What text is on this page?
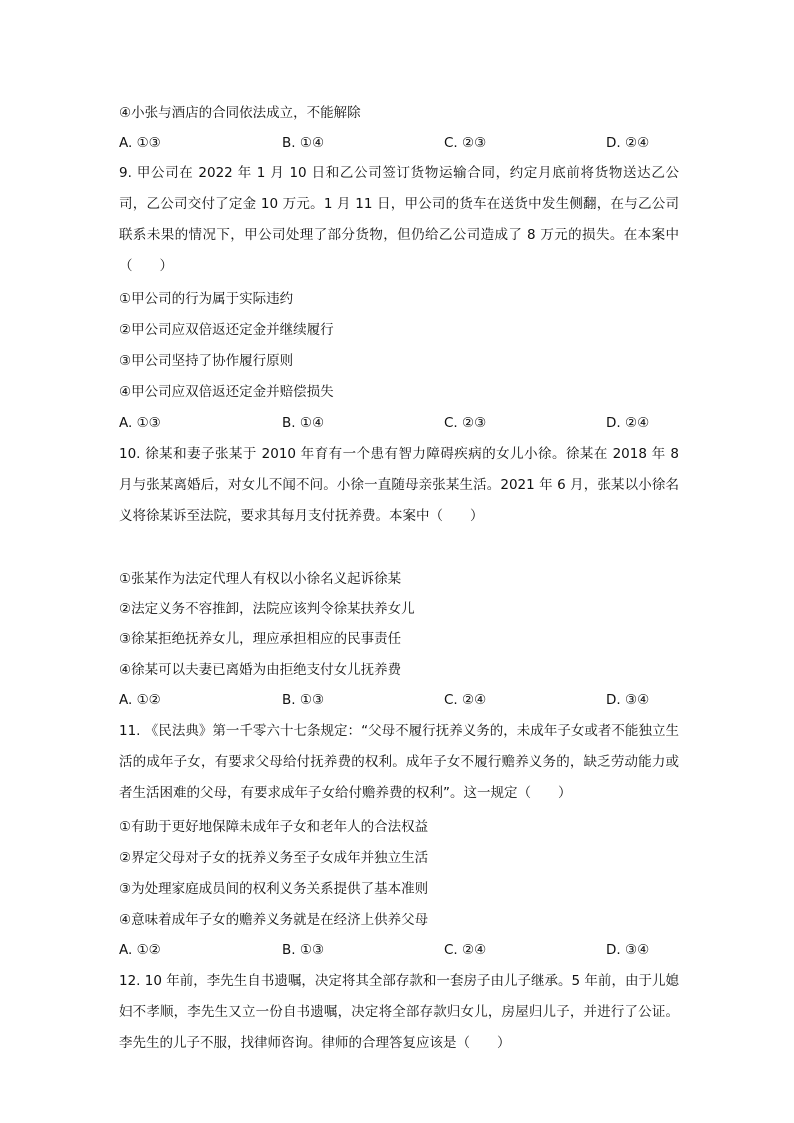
④小张与酒店的合同依法成立，不能解除
A. ①③	B. ①④	C. ②③	D. ②④
9. 甲公司在 2022 年 1 月 10 日和乙公司签订货物运输合同，约定月底前将货物送达乙公司，乙公司交付了定金 10 万元。1 月 11 日，甲公司的货车在送货中发生侧翻，在与乙公司联系未果的情况下，甲公司处理了部分货物，但仍给乙公司造成了 8 万元的损失。在本案中（　　）
①甲公司的行为属于实际违约
②甲公司应双倍返还定金并继续履行
③甲公司坚持了协作履行原则
④甲公司应双倍返还定金并赔偿损失
A. ①③	B. ①④	C. ②③	D. ②④
10. 徐某和妻子张某于 2010 年育有一个患有智力障碍疾病的女儿小徐。徐某在 2018 年 8 月与张某离婚后，对女儿不闻不问。小徐一直随母亲张某生活。2021 年 6 月，张某以小徐名义将徐某诉至法院，要求其每月支付抚养费。本案中（　　）
①张某作为法定代理人有权以小徐名义起诉徐某
②法定义务不容推卸，法院应该判令徐某扶养女儿
③徐某拒绝抚养女儿，理应承担相应的民事责任
④徐某可以夫妻已离婚为由拒绝支付女儿抚养费
A. ①②	B. ①③	C. ②④	D. ③④
11. 《民法典》第一千零六十七条规定：“父母不履行抚养义务的，未成年子女或者不能独立生活的成年子女，有要求父母给付抚养费的权利。成年子女不履行赡养义务的，缺乏劳动能力或者生活困难的父母，有要求成年子女给付赡养费的权利”。这一规定（　　）
①有助于更好地保障未成年子女和老年人的合法权益
②界定父母对子女的抚养义务至子女成年并独立生活
③为处理家庭成员间的权利义务关系提供了基本准则
④意味着成年子女的赡养义务就是在经济上供养父母
A. ①②	B. ①③	C. ②④	D. ③④
12. 10 年前，李先生自书遗嘱，决定将其全部存款和一套房子由儿子继承。5 年前，由于儿媳妇不孝顺，李先生又立一份自书遗嘱，决定将全部存款归女儿，房屋归儿子，并进行了公证。李先生的儿子不服，找律师咨询。律师的合理答复应该是（　　）
